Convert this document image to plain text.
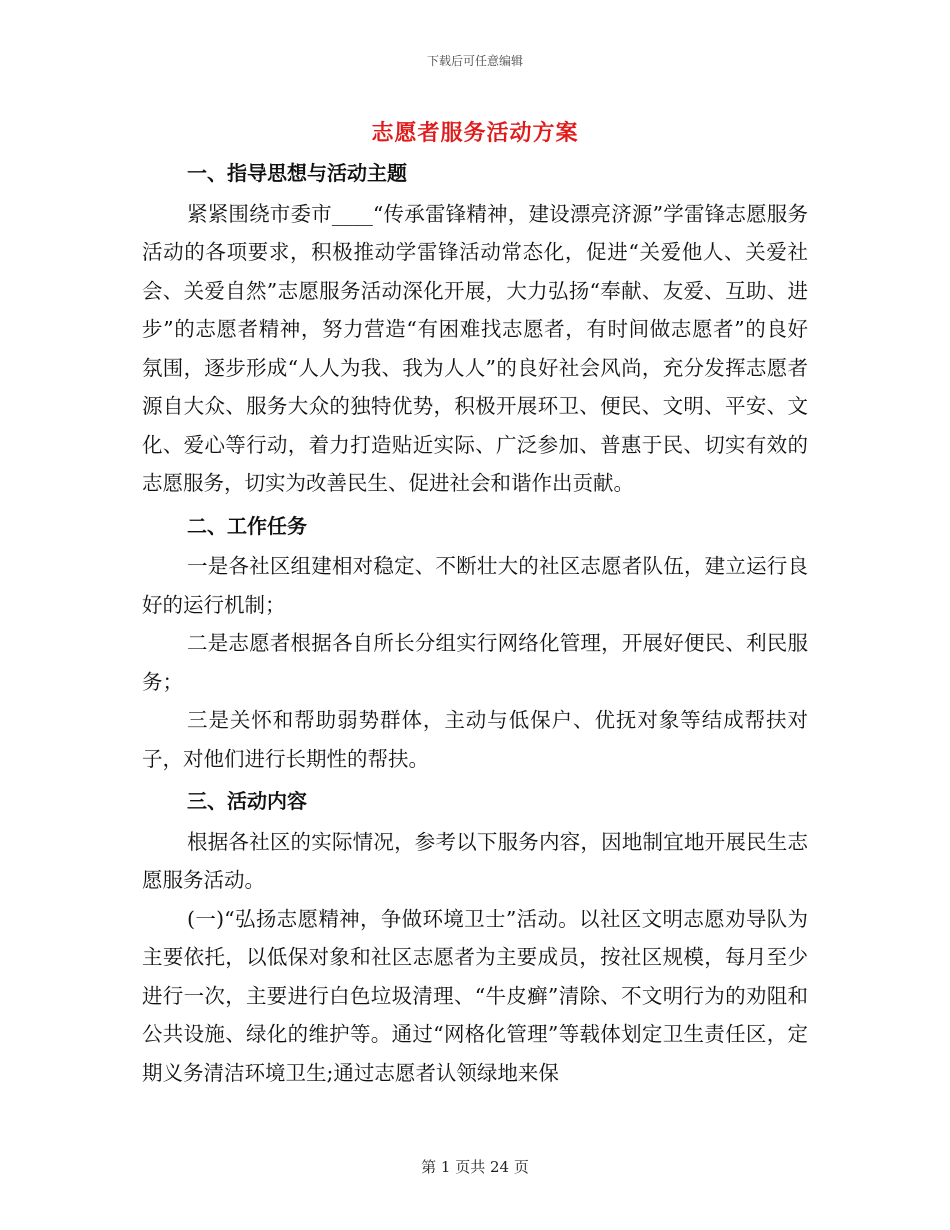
下载后可任意编辑
志愿者服务活动方案

一、指导思想与活动主题

紧紧围绕市委市____“传承雷锋精神，建设漂亮济源”学雷锋志愿服务活动的各项要求，积极推动学雷锋活动常态化，促进“关爱他人、关爱社会、关爱自然”志愿服务活动深化开展，大力弘扬“奉献、友爱、互助、进步”的志愿者精神，努力营造“有困难找志愿者，有时间做志愿者”的良好氛围，逐步形成“人人为我、我为人人”的良好社会风尚，充分发挥志愿者源自大众、服务大众的独特优势，积极开展环卫、便民、文明、平安、文化、爱心等行动，着力打造贴近实际、广泛参加、普惠于民、切实有效的志愿服务，切实为改善民生、促进社会和谐作出贡献。

二、工作任务

一是各社区组建相对稳定、不断壮大的社区志愿者队伍，建立运行良好的运行机制；

二是志愿者根据各自所长分组实行网络化管理，开展好便民、利民服务；

三是关怀和帮助弱势群体，主动与低保户、优抚对象等结成帮扶对子，对他们进行长期性的帮扶。

三、活动内容

根据各社区的实际情况，参考以下服务内容，因地制宜地开展民生志愿服务活动。

(一)“弘扬志愿精神，争做环境卫士”活动。以社区文明志愿劝导队为主要依托，以低保对象和社区志愿者为主要成员，按社区规模，每月至少进行一次，主要进行白色垃圾清理、“牛皮癣”清除、不文明行为的劝阻和公共设施、绿化的维护等。通过“网格化管理”等载体划定卫生责任区，定期义务清洁环境卫生;通过志愿者认领绿地来保

第 1 页共 24 页
